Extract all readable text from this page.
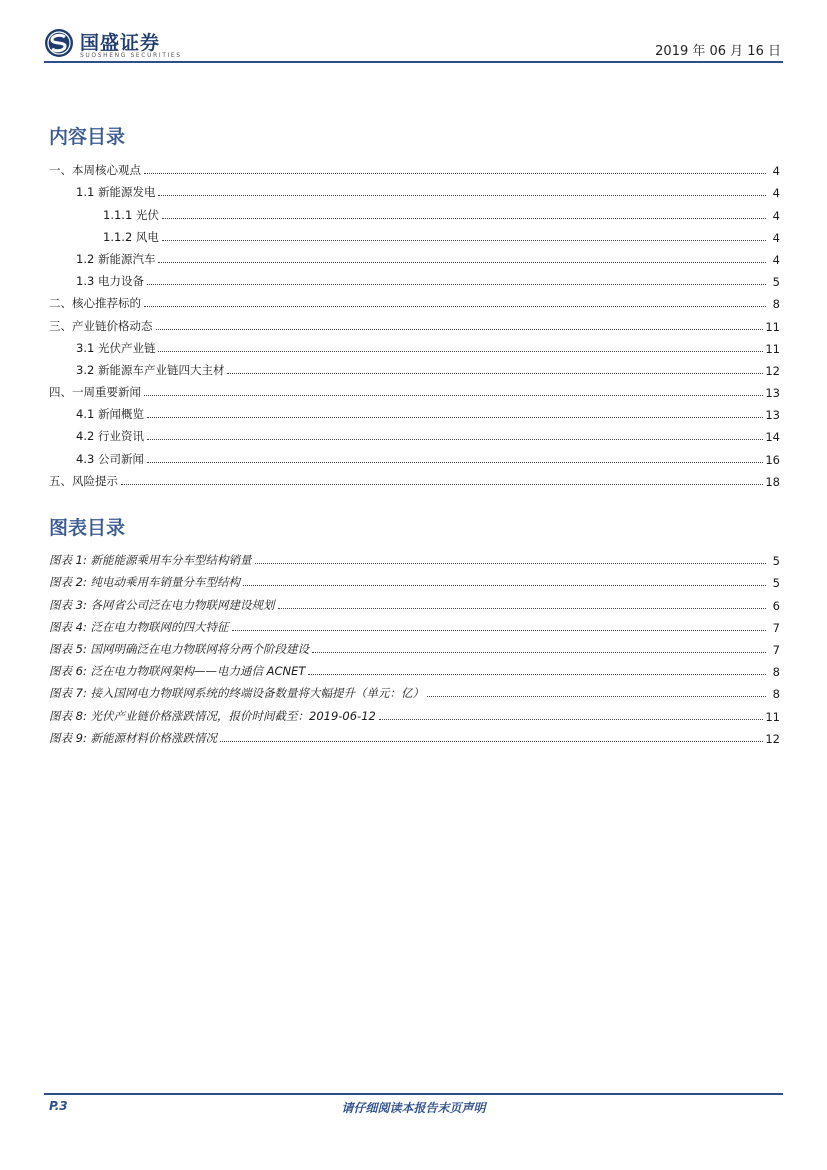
国盛证券
SUOSHENG SECURITIES	2019 年 06 月 16 日
内容目录
一、本周核心观点	4
1.1 新能源发电	4
1.1.1 光伏	4
1.1.2 风电	4
1.2 新能源汽车	4
1.3 电力设备	5
二、核心推荐标的	8
三、产业链价格动态	11
3.1 光伏产业链	11
3.2 新能源车产业链四大主材	12
四、一周重要新闻	13
4.1 新闻概览	13
4.2 行业资讯	14
4.3 公司新闻	16
五、风险提示	18
图表目录
图表 1: 新能能源乘用车分车型结构销量	5
图表 2: 纯电动乘用车销量分车型结构	5
图表 3: 各网省公司泛在电力物联网建设规划	6
图表 4: 泛在电力物联网的四大特征	7
图表 5: 国网明确泛在电力物联网将分两个阶段建设	7
图表 6: 泛在电力物联网架构——电力通信 ACNET	8
图表 7: 接入国网电力物联网系统的终端设备数量将大幅提升（单元：亿）	8
图表 8: 光伏产业链价格涨跌情况，报价时间截至：2019-06-12	11
图表 9: 新能源材料价格涨跌情况	12
请仔细阅读本报告末页声明
P.3
